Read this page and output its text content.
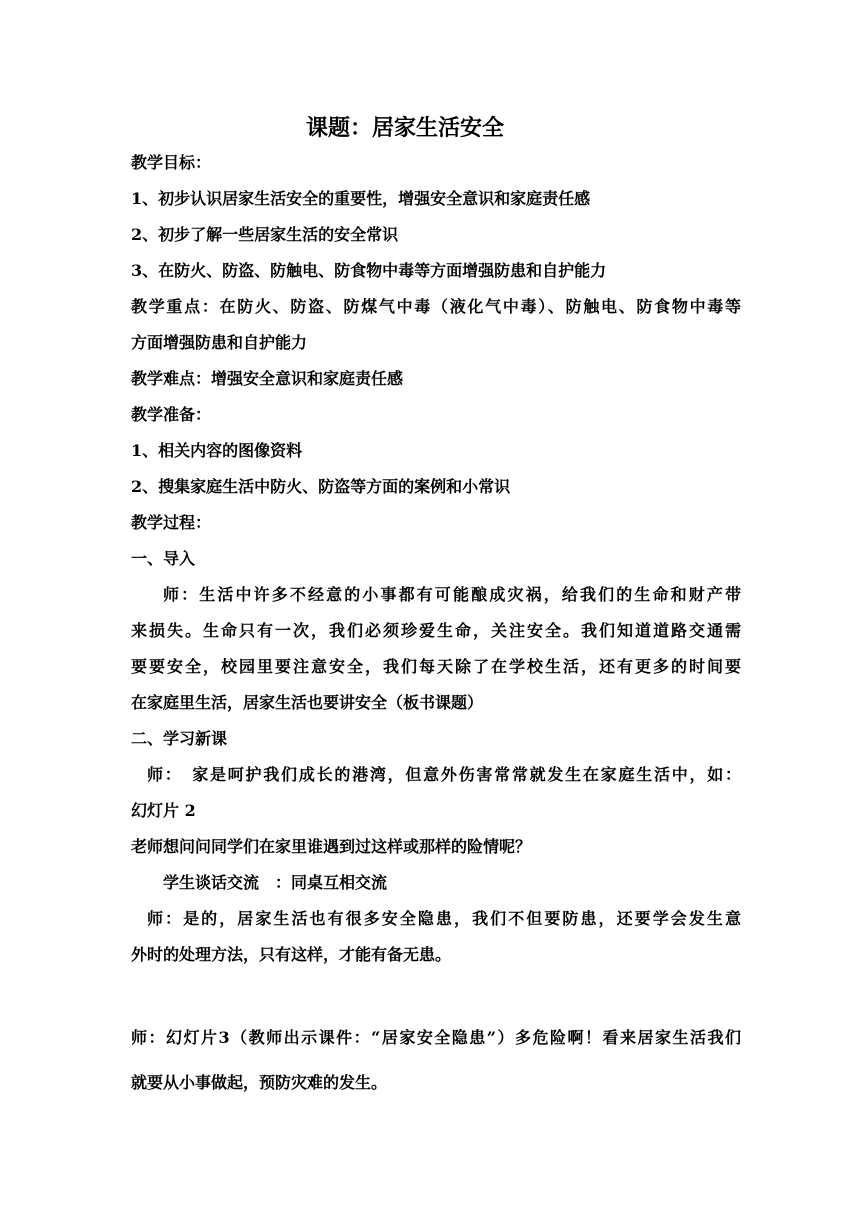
课题：居家生活安全
教学目标：
1、初步认识居家生活安全的重要性，增强安全意识和家庭责任感
2、初步了解一些居家生活的安全常识
3、在防火、防盗、防触电、防食物中毒等方面增强防患和自护能力
教学重点：在防火、防盗、防煤气中毒（液化气中毒）、防触电、防食物中毒等
方面增强防患和自护能力
教学难点：增强安全意识和家庭责任感
教学准备：
1、相关内容的图像资料
2、搜集家庭生活中防火、防盗等方面的案例和小常识
教学过程：
一、导入
师：生活中许多不经意的小事都有可能酿成灾祸，给我们的生命和财产带
来损失。生命只有一次，我们必须珍爱生命，关注安全。我们知道道路交通需
要要安全，校园里要注意安全，我们每天除了在学校生活，还有更多的时间要
在家庭里生活，居家生活也要讲安全（板书课题）
二、学习新课
师：　家是呵护我们成长的港湾，但意外伤害常常就发生在家庭生活中，如：
幻灯片 2
老师想问问同学们在家里谁遇到过这样或那样的险情呢？
学生谈话交流　：同桌互相交流
师：是的，居家生活也有很多安全隐患，我们不但要防患，还要学会发生意
外时的处理方法，只有这样，才能有备无患。
师：幻灯片3（教师出示课件：“居家安全隐患”）多危险啊！看来居家生活我们
就要从小事做起，预防灾难的发生。
